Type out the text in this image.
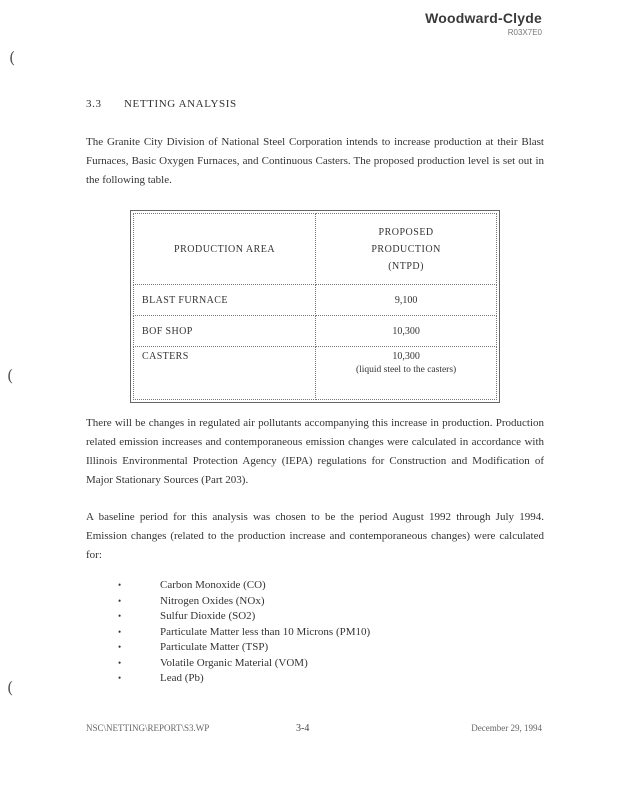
Woodward-Clyde
R03X7E0
(
(
(
3.3 NETTING ANALYSIS
The Granite City Division of National Steel Corporation intends to increase production at their Blast Furnaces, Basic Oxygen Furnaces, and Continuous Casters. The proposed production level is set out in the following table.
PRODUCTION AREA	PROPOSED
PRODUCTION
(NTPD)

BLAST FURNACE	9,100
BOF SHOP	10,300
CASTERS	10,300
(liquid steel to the casters)
There will be changes in regulated air pollutants accompanying this increase in production. Production related emission increases and contemporaneous emission changes were calculated in accordance with Illinois Environmental Protection Agency (IEPA) regulations for Construction and Modification of Major Stationary Sources (Part 203).
A baseline period for this analysis was chosen to be the period August 1992 through July 1994. Emission changes (related to the production increase and contemporaneous changes) were calculated for:
•	Carbon Monoxide (CO)
•	Nitrogen Oxides (NOx)
•	Sulfur Dioxide (SO2)
•	Particulate Matter less than 10 Microns (PM10)
•	Particulate Matter (TSP)
•	Volatile Organic Material (VOM)
•	Lead (Pb)
NSC\NETTING\REPORT\S3.WP	3-4	December 29, 1994
